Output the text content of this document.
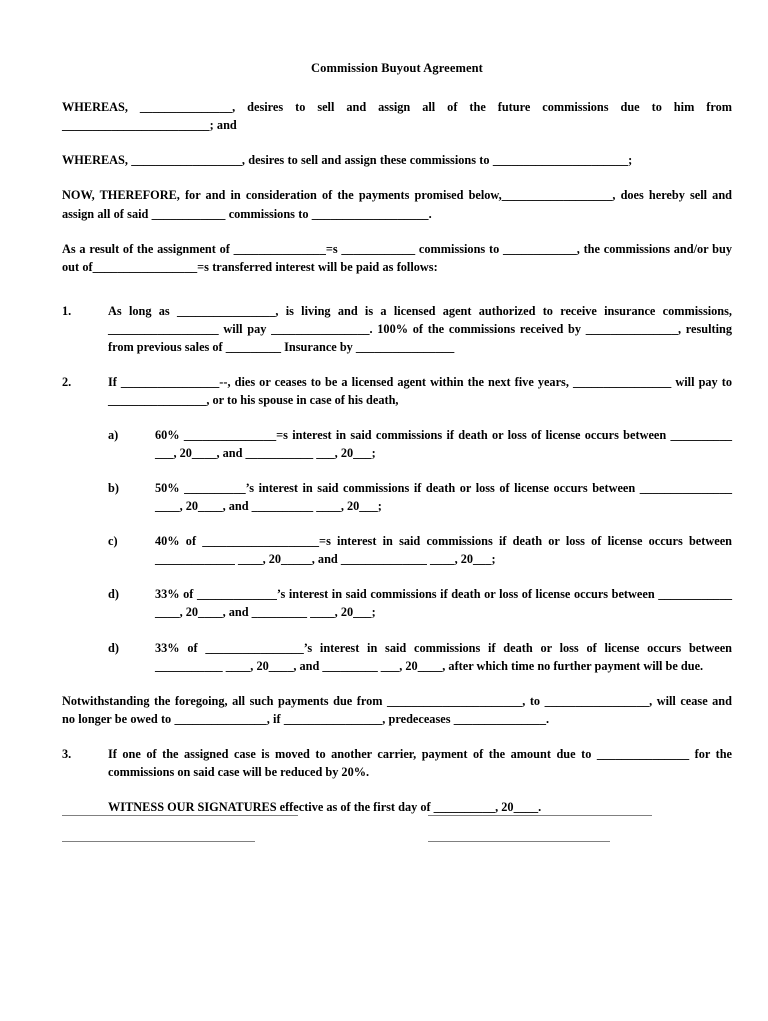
Commission Buyout Agreement

WHEREAS, _______________, desires to sell and assign all of the future commissions due to him from ________________________; and

WHEREAS, __________________, desires to sell and assign these commissions to ______________________;

NOW, THEREFORE, for and in consideration of the payments promised below,__________________, does hereby sell and assign all of said ____________ commissions to ___________________.

As a result of the assignment of _______________=s ____________ commissions to ____________, the commissions and/or buy out of_________________=s transferred interest will be paid as follows:

1.	As long as ________________, is living and is a licensed agent authorized to receive insurance commissions, __________________ will pay ________________. 100% of the commissions received by _______________, resulting from previous sales of _________ Insurance by ________________
2.	If ________________--, dies or ceases to be a licensed agent within the next five years, ________________ will pay to ________________, or to his spouse in case of his death,
a)	60% _______________=s interest in said commissions if death or loss of license occurs between __________ ___, 20____, and ___________ ___, 20___;
b)	50% __________’s interest in said commissions if death or loss of license occurs between _______________ ____, 20____, and __________ ____, 20___;
c)	40% of ___________________=s interest in said commissions if death or loss of license occurs between _____________ ____, 20_____, and ______________ ____, 20___;
d)	33% of _____________’s interest in said commissions if death or loss of license occurs between ____________ ____, 20____, and _________ ____, 20___;
d)	33% of ________________’s interest in said commissions if death or loss of license occurs between ___________ ____, 20____, and _________ ___, 20____, after which time no further payment will be due.

Notwithstanding the foregoing, all such payments due from ______________________, to _________________, will cease and no longer be owed to _______________, if ________________, predeceases _______________.

3.	If one of the assigned case is moved to another carrier, payment of the amount due to _______________ for the commissions on said case will be reduced by 20%.
WITNESS OUR SIGNATURES effective as of the first day of __________, 20____.
